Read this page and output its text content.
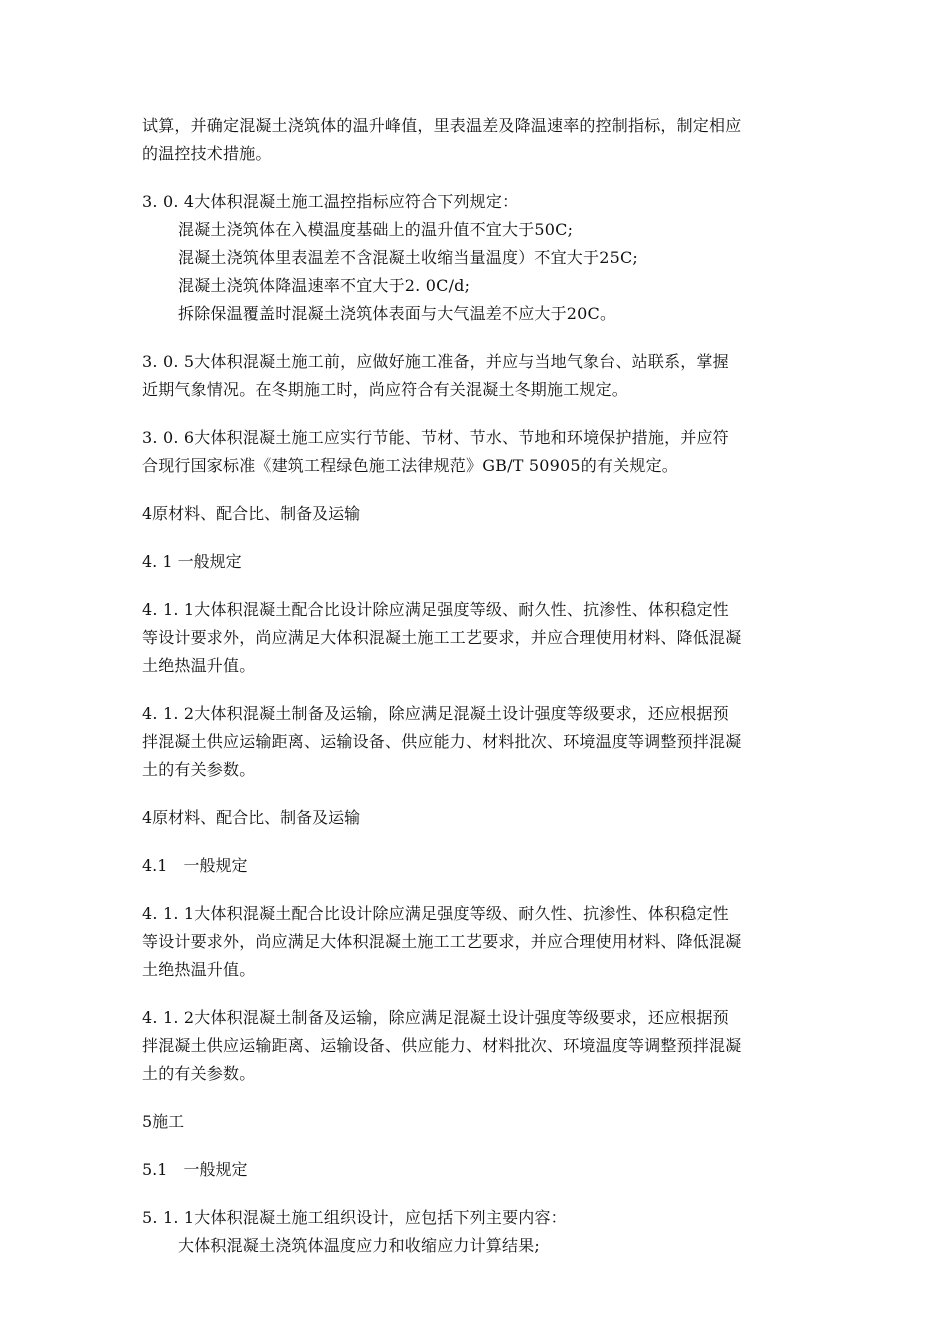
试算，并确定混凝土浇筑体的温升峰值，里表温差及降温速率的控制指标，制定相应
的温控技术措施。
3. 0. 4大体积混凝土施工温控指标应符合下列规定：
混凝土浇筑体在入模温度基础上的温升值不宜大于50C;
混凝土浇筑体里表温差不含混凝土收缩当量温度）不宜大于25C;
混凝土浇筑体降温速率不宜大于2. 0C/d;
拆除保温覆盖时混凝土浇筑体表面与大气温差不应大于20C。
3. 0. 5大体积混凝土施工前，应做好施工准备，并应与当地气象台、站联系，掌握
近期气象情况。在冬期施工时，尚应符合有关混凝土冬期施工规定。
3. 0. 6大体积混凝土施工应实行节能、节材、节水、节地和环境保护措施，并应符
合现行国家标准《建筑工程绿色施工法律规范》GB/T 50905的有关规定。
4原材料、配合比、制备及运输
4. 1 一般规定
4. 1. 1大体积混凝土配合比设计除应满足强度等级、耐久性、抗渗性、体积稳定性
等设计要求外，尚应满足大体积混凝土施工工艺要求，并应合理使用材料、降低混凝
土绝热温升值。
4. 1. 2大体积混凝土制备及运输，除应满足混凝土设计强度等级要求，还应根据预
拌混凝土供应运输距离、运输设备、供应能力、材料批次、环境温度等调整预拌混凝
土的有关参数。
4原材料、配合比、制备及运输
4.1　一般规定
4. 1. 1大体积混凝土配合比设计除应满足强度等级、耐久性、抗渗性、体积稳定性
等设计要求外，尚应满足大体积混凝土施工工艺要求，并应合理使用材料、降低混凝
土绝热温升值。
4. 1. 2大体积混凝土制备及运输，除应满足混凝土设计强度等级要求，还应根据预
拌混凝土供应运输距离、运输设备、供应能力、材料批次、环境温度等调整预拌混凝
土的有关参数。
5施工
5.1　一般规定
5. 1. 1大体积混凝土施工组织设计，应包括下列主要内容：
大体积混凝土浇筑体温度应力和收缩应力计算结果;
